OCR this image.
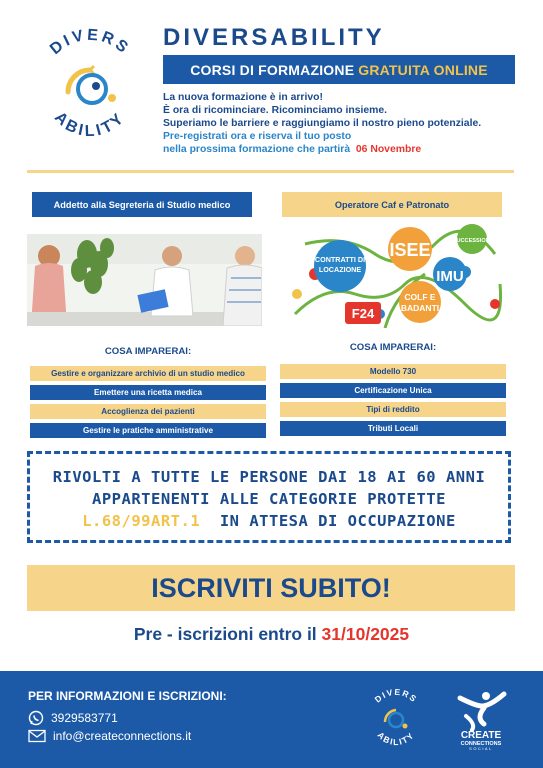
DIVERS
ABILITY
DIVERSABILITY
CORSI DI FORMAZIONE GRATUITA ONLINE
La nuova formazione è in arrivo!
È ora di ricominciare. Ricominciamo insieme.
Superiamo le barriere e raggiungiamo il nostro pieno potenziale.
Pre-registrati ora e riserva il tuo posto
nella prossima formazione che partirà 06 Novembre
Addetto alla Segreteria di Studio medico
COSA IMPARERAI:
Gestire e organizzare archivio di un studio medico
Emettere una ricetta medica
Accoglienza dei pazienti
Gestire le pratiche amministrative
Operatore Caf e Patronato
CONTRATTI DI
LOCAZIONE
ISEE	SUCCESSIONI
IMU
COLF E
BADANTI
F24
COSA IMPARERAI:
Modello 730
Certificazione Unica
Tipi di reddito
Tributi Locali
RIVOLTI A TUTTE LE PERSONE DAI 18 AI 60 ANNI
APPARTENENTI ALLE CATEGORIE PROTETTE
L.68/99ART.1 IN ATTESA DI OCCUPAZIONE
ISCRIVITI SUBITO!
Pre - iscrizioni entro il 31/10/2025
PER INFORMAZIONI E ISCRIZIONI:
3929583771
info@createconnections.it
DIVERS
ABILITY	CREATE
CONNECTIONS
SOCIAL
